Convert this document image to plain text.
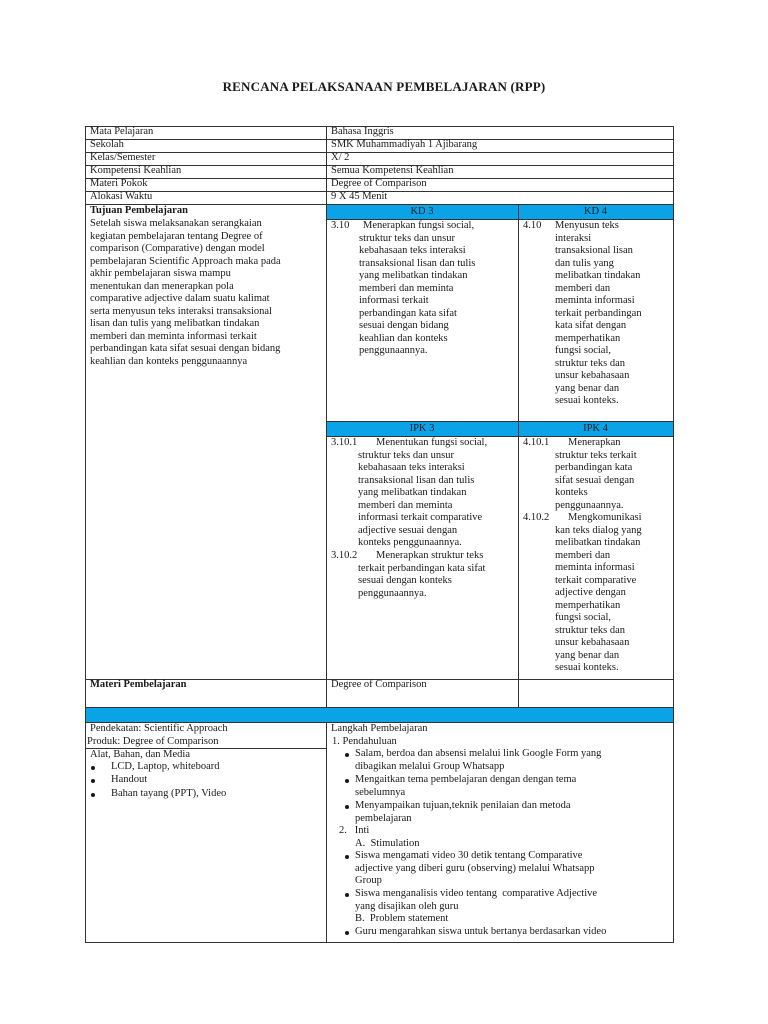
RENCANA PELAKSANAAN PEMBELAJARAN (RPP)
Mata Pelajaran	Bahasa Inggris
Sekolah	SMK Muhammadiyah 1 Ajibarang
Kelas/Semester	X/ 2
Kompetensi Keahlian	Semua Kompetensi Keahlian
Materi Pokok	Degree of Comparison
Alokasi Waktu	9 X 45 Menit
Tujuan Pembelajaran
Setelah siswa melaksanakan serangkaian
kegiatan pembelajaran tentang Degree of
comparison (Comparative) dengan model
pembelajaran Scientific Approach maka pada
akhir pembelajaran siswa mampu
menentukan dan menerapkan pola
comparative adjective dalam suatu kalimat
serta menyusun teks interaksi transaksional
lisan dan tulis yang melibatkan tindakan
memberi dan meminta informasi terkait
perbandingan kata sifat sesuai dengan bidang
keahlian dan konteks penggunaannya
KD 3
3.10 Menerapkan fungsi social,
struktur teks dan unsur
kebahasaan teks interaksi
transaksional lisan dan tulis
yang melibatkan tindakan
memberi dan meminta
informasi terkait
perbandingan kata sifat
sesuai dengan bidang
keahlian dan konteks
penggunaannya.
KD 4
4.10 Menyusun teks
interaksi
transaksional lisan
dan tulis yang
melibatkan tindakan
memberi dan
meminta informasi
terkait perbandingan
kata sifat dengan
memperhatikan
fungsi social,
struktur teks dan
unsur kebahasaan
yang benar dan
sesuai konteks.
IPK 3
3.10.1 Menentukan fungsi social,
struktur teks dan unsur
kebahasaan teks interaksi
transaksional lisan dan tulis
yang melibatkan tindakan
memberi dan meminta
informasi terkait comparative
adjective sesuai dengan
konteks penggunaannya.
3.10.2 Menerapkan struktur teks
terkait perbandingan kata sifat
sesuai dengan konteks
penggunaannya.
IPK 4
4.10.1 Menerapkan
struktur teks terkait
perbandingan kata
sifat sesuai dengan
konteks
penggunaannya.
4.10.2 Mengkomunikasi
kan teks dialog yang
melibatkan tindakan
memberi dan
meminta informasi
terkait comparative
adjective dengan
memperhatikan
fungsi social,
struktur teks dan
unsur kebahasaan
yang benar dan
sesuai konteks.
Materi Pembelajaran	Degree of Comparison
Pendekatan: Scientific Approach
Produk: Degree of Comparison
Alat, Bahan, dan Media
LCD, Laptop, whiteboard
Handout
Bahan tayang (PPT), Video
Langkah Pembelajaran
1. Pendahuluan
Salam, berdoa dan absensi melalui link Google Form yang
dibagikan melalui Group Whatsapp
Mengaitkan tema pembelajaran dengan dengan tema
sebelumnya
Menyampaikan tujuan,teknik penilaian dan metoda
pembelajaran
2.   Inti
A.  Stimulation
Siswa mengamati video 30 detik tentang Comparative
adjective yang diberi guru (observing) melalui Whatsapp
Group
Siswa menganalisis video tentang  comparative Adjective
yang disajikan oleh guru
B.  Problem statement
Guru mengarahkan siswa untuk bertanya berdasarkan video
